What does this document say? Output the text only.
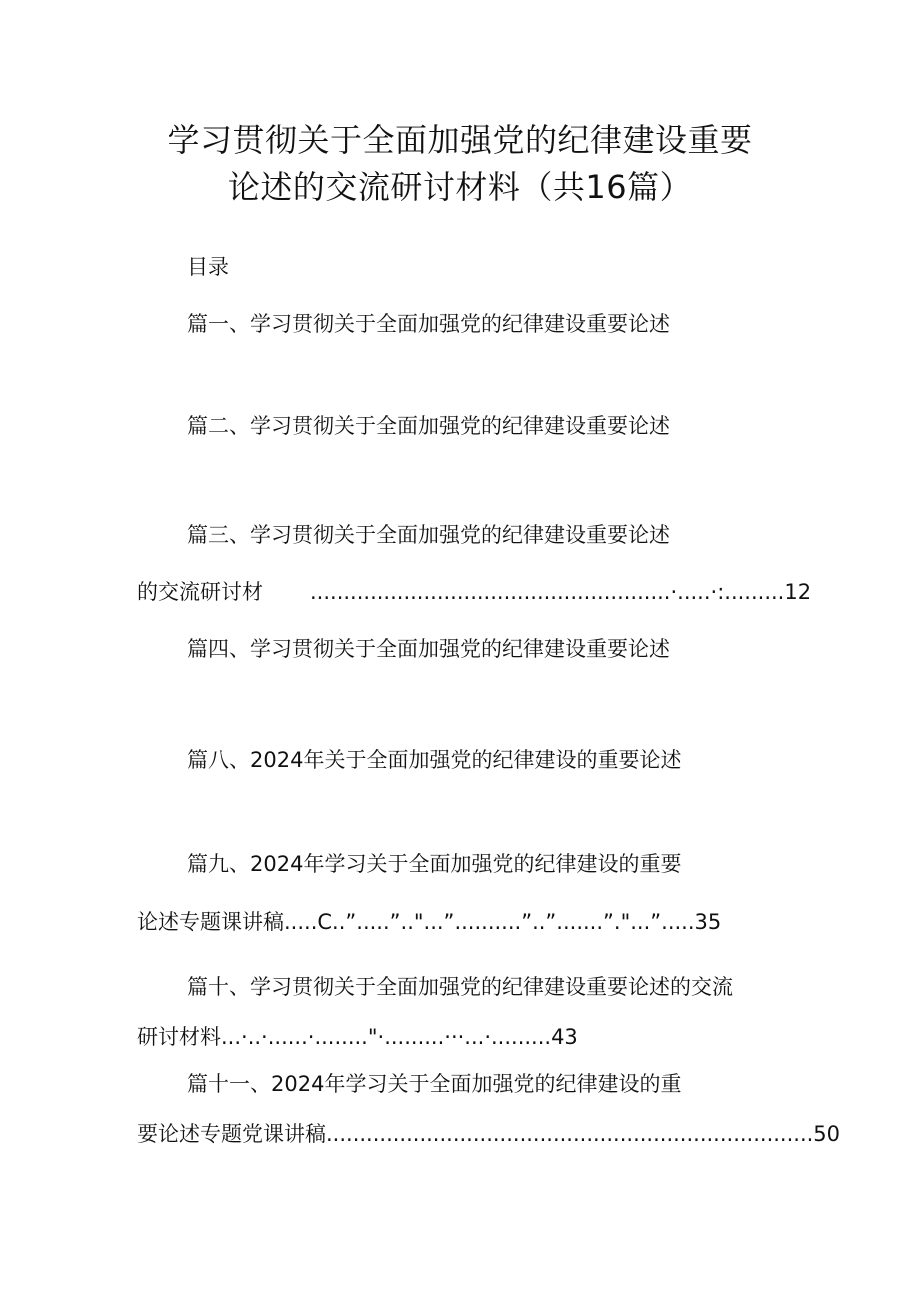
学习贯彻关于全面加强党的纪律建设重要
论述的交流研讨材料（共16篇）
目录
篇一、学习贯彻关于全面加强党的纪律建设重要论述
篇二、学习贯彻关于全面加强党的纪律建设重要论述
篇三、学习贯彻关于全面加强党的纪律建设重要论述
的交流研讨材 ......................................................·.....·:.........12
篇四、学习贯彻关于全面加强党的纪律建设重要论述
篇八、2024年关于全面加强党的纪律建设的重要论述
篇九、2024年学习关于全面加强党的纪律建设的重要
论述专题课讲稿.....C..”.....”.."...”..........”..”.......”."...”.....35
篇十、学习贯彻关于全面加强党的纪律建设重要论述的交流
研讨材料...·..·......·........"·.........···...·.........43
篇十一、2024年学习关于全面加强党的纪律建设的重
要论述专题党课讲稿.........................................................................50
